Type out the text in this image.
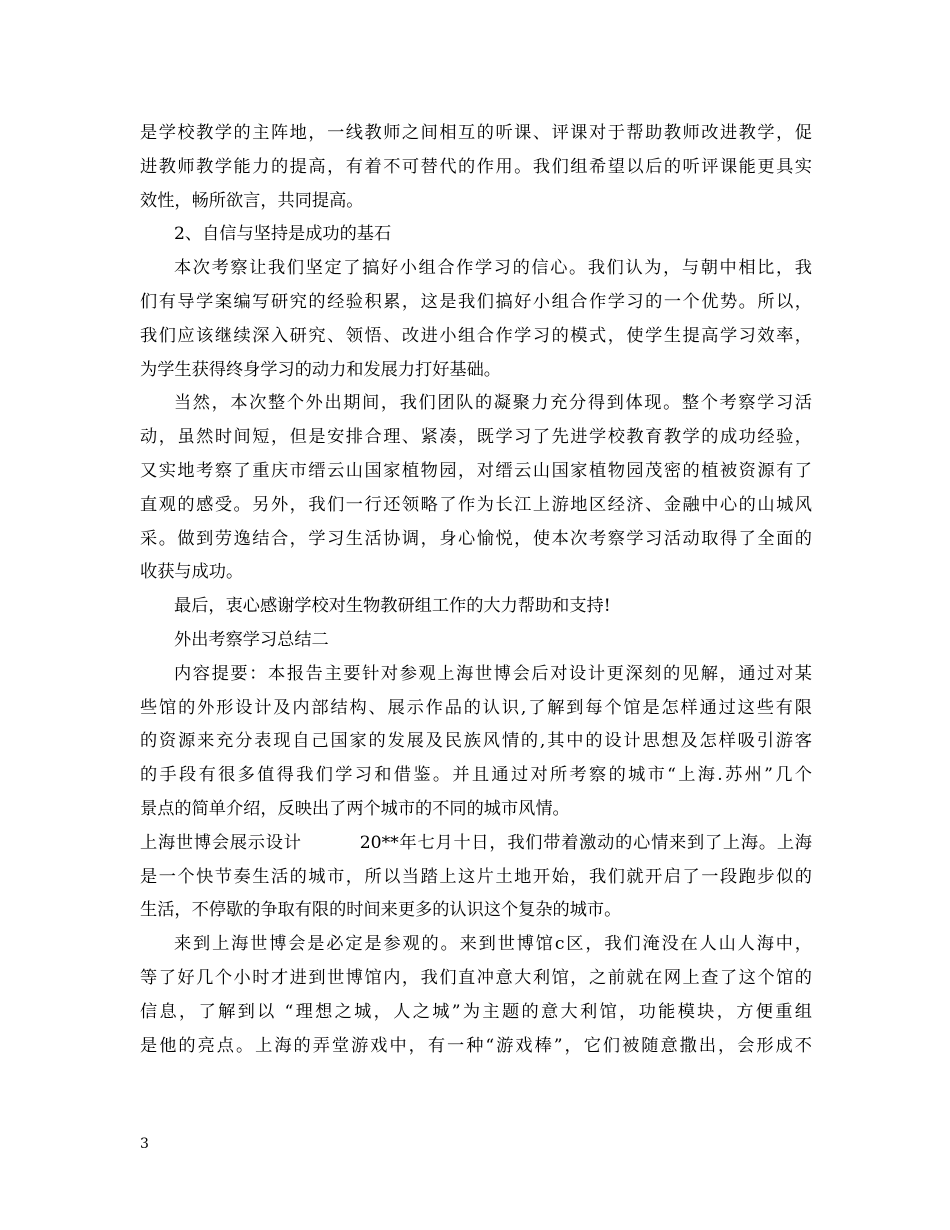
是学校教学的主阵地，一线教师之间相互的听课、评课对于帮助教师改进教学，促
进教师教学能力的提高，有着不可替代的作用。我们组希望以后的听评课能更具实
效性，畅所欲言，共同提高。
2、自信与坚持是成功的基石
本次考察让我们坚定了搞好小组合作学习的信心。我们认为，与朝中相比，我
们有导学案编写研究的经验积累，这是我们搞好小组合作学习的一个优势。所以，
我们应该继续深入研究、领悟、改进小组合作学习的模式，使学生提高学习效率，
为学生获得终身学习的动力和发展力打好基础。
当然，本次整个外出期间，我们团队的凝聚力充分得到体现。整个考察学习活
动，虽然时间短，但是安排合理、紧凑，既学习了先进学校教育教学的成功经验，
又实地考察了重庆市缙云山国家植物园，对缙云山国家植物园茂密的植被资源有了
直观的感受。另外，我们一行还领略了作为长江上游地区经济、金融中心的山城风
采。做到劳逸结合，学习生活协调，身心愉悦，使本次考察学习活动取得了全面的
收获与成功。
最后，衷心感谢学校对生物教研组工作的大力帮助和支持!
外出考察学习总结二
内容提要：本报告主要针对参观上海世博会后对设计更深刻的见解，通过对某
些馆的外形设计及内部结构、展示作品的认识,了解到每个馆是怎样通过这些有限
的资源来充分表现自己国家的发展及民族风情的,其中的设计思想及怎样吸引游客
的手段有很多值得我们学习和借鉴。并且通过对所考察的城市“上海.苏州”几个
景点的简单介绍，反映出了两个城市的不同的城市风情。
上海世博会展示设计	20**年七月十日，我们带着激动的心情来到了上海。上海
是一个快节奏生活的城市，所以当踏上这片土地开始，我们就开启了一段跑步似的
生活，不停歇的争取有限的时间来更多的认识这个复杂的城市。
来到上海世博会是必定是参观的。来到世博馆c区，我们淹没在人山人海中，
等了好几个小时才进到世博馆内，我们直冲意大利馆，之前就在网上查了这个馆的
信息，了解到以 “理想之城，人之城”为主题的意大利馆，功能模块，方便重组
是他的亮点。上海的弄堂游戏中，有一种“游戏棒”，它们被随意撒出，会形成不
3
